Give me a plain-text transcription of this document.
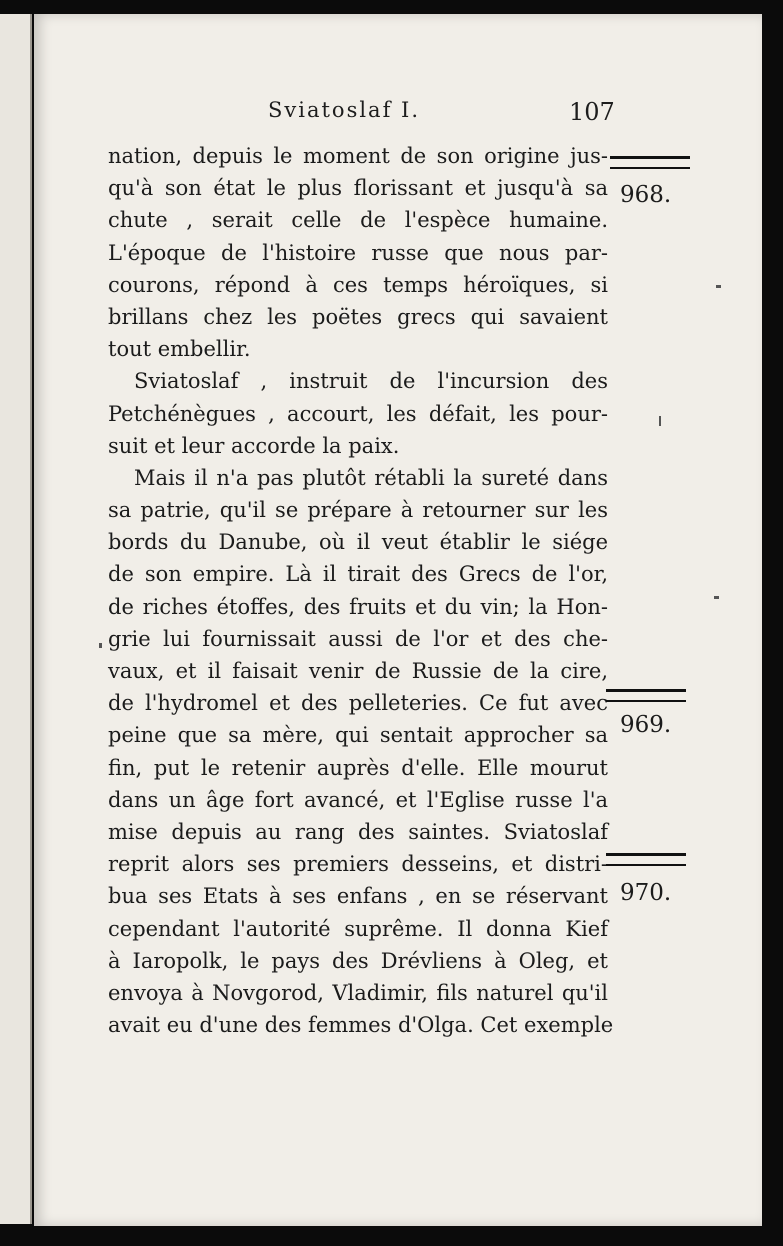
Sviatoslaf I.	107
nation, depuis le moment de son origine jus-
qu'à son état le plus florissant et jusqu'à sa
chute , serait celle de l'espèce humaine.
L'époque de l'histoire russe que nous par-
courons, répond à ces temps héroïques, si
brillans chez les poëtes grecs qui savaient
tout embellir.
Sviatoslaf , instruit de l'incursion des
Petchénègues , accourt, les défait, les pour-
suit et leur accorde la paix.
Mais il n'a pas plutôt rétabli la sureté dans
sa patrie, qu'il se prépare à retourner sur les
bords du Danube, où il veut établir le siége
de son empire. Là il tirait des Grecs de l'or,
de riches étoffes, des fruits et du vin; la Hon-
grie lui fournissait aussi de l'or et des che-
vaux, et il faisait venir de Russie de la cire,
de l'hydromel et des pelleteries. Ce fut avec
peine que sa mère, qui sentait approcher sa
fin, put le retenir auprès d'elle. Elle mourut
dans un âge fort avancé, et l'Eglise russe l'a
mise depuis au rang des saintes. Sviatoslaf
reprit alors ses premiers desseins, et distri-
bua ses Etats à ses enfans , en se réservant
cependant l'autorité suprême. Il donna Kief
à Iaropolk, le pays des Drévliens à Oleg, et
envoya à Novgorod, Vladimir, fils naturel qu'il
avait eu d'une des femmes d'Olga. Cet exemple
968.
969.
970.
